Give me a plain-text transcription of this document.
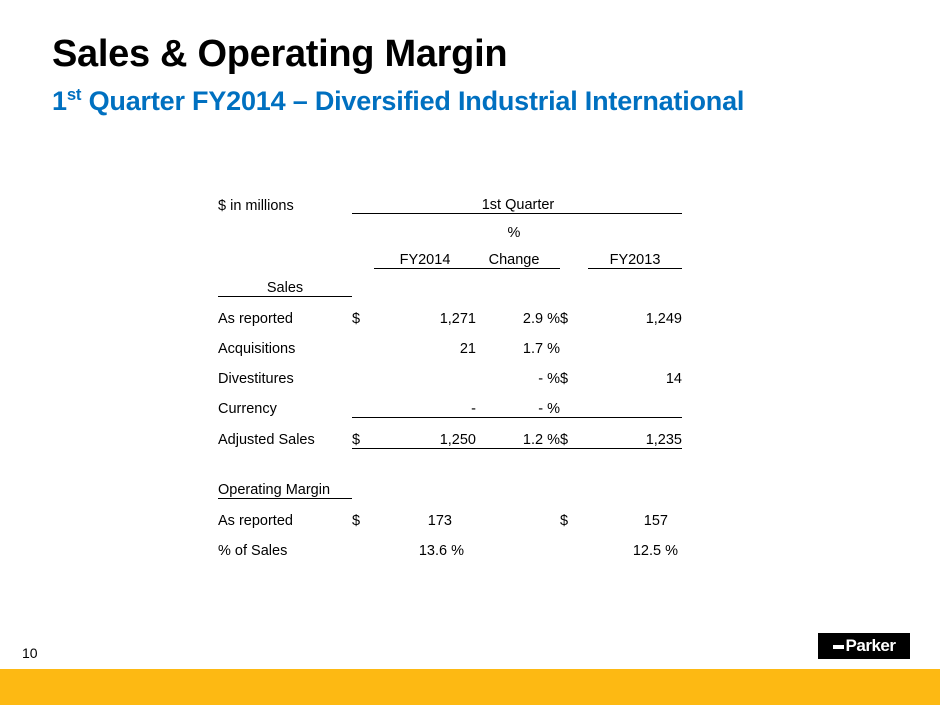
Sales & Operating Margin
1st Quarter FY2014 – Diversified Industrial International
$ in millions			1st Quarter		
			%		
		FY2014	Change		FY2013
Sales					
As reported	$	1,271	2.9 %	$	1,249
Acquisitions		21	1.7 %		
Divestitures			- %	$	14
Currency		-	- %		
Adjusted Sales	$	1,250	1.2 %	$	1,235

Operating Margin					
As reported	$	173		$	157
% of Sales		13.6 %			12.5 %
10	Parker
